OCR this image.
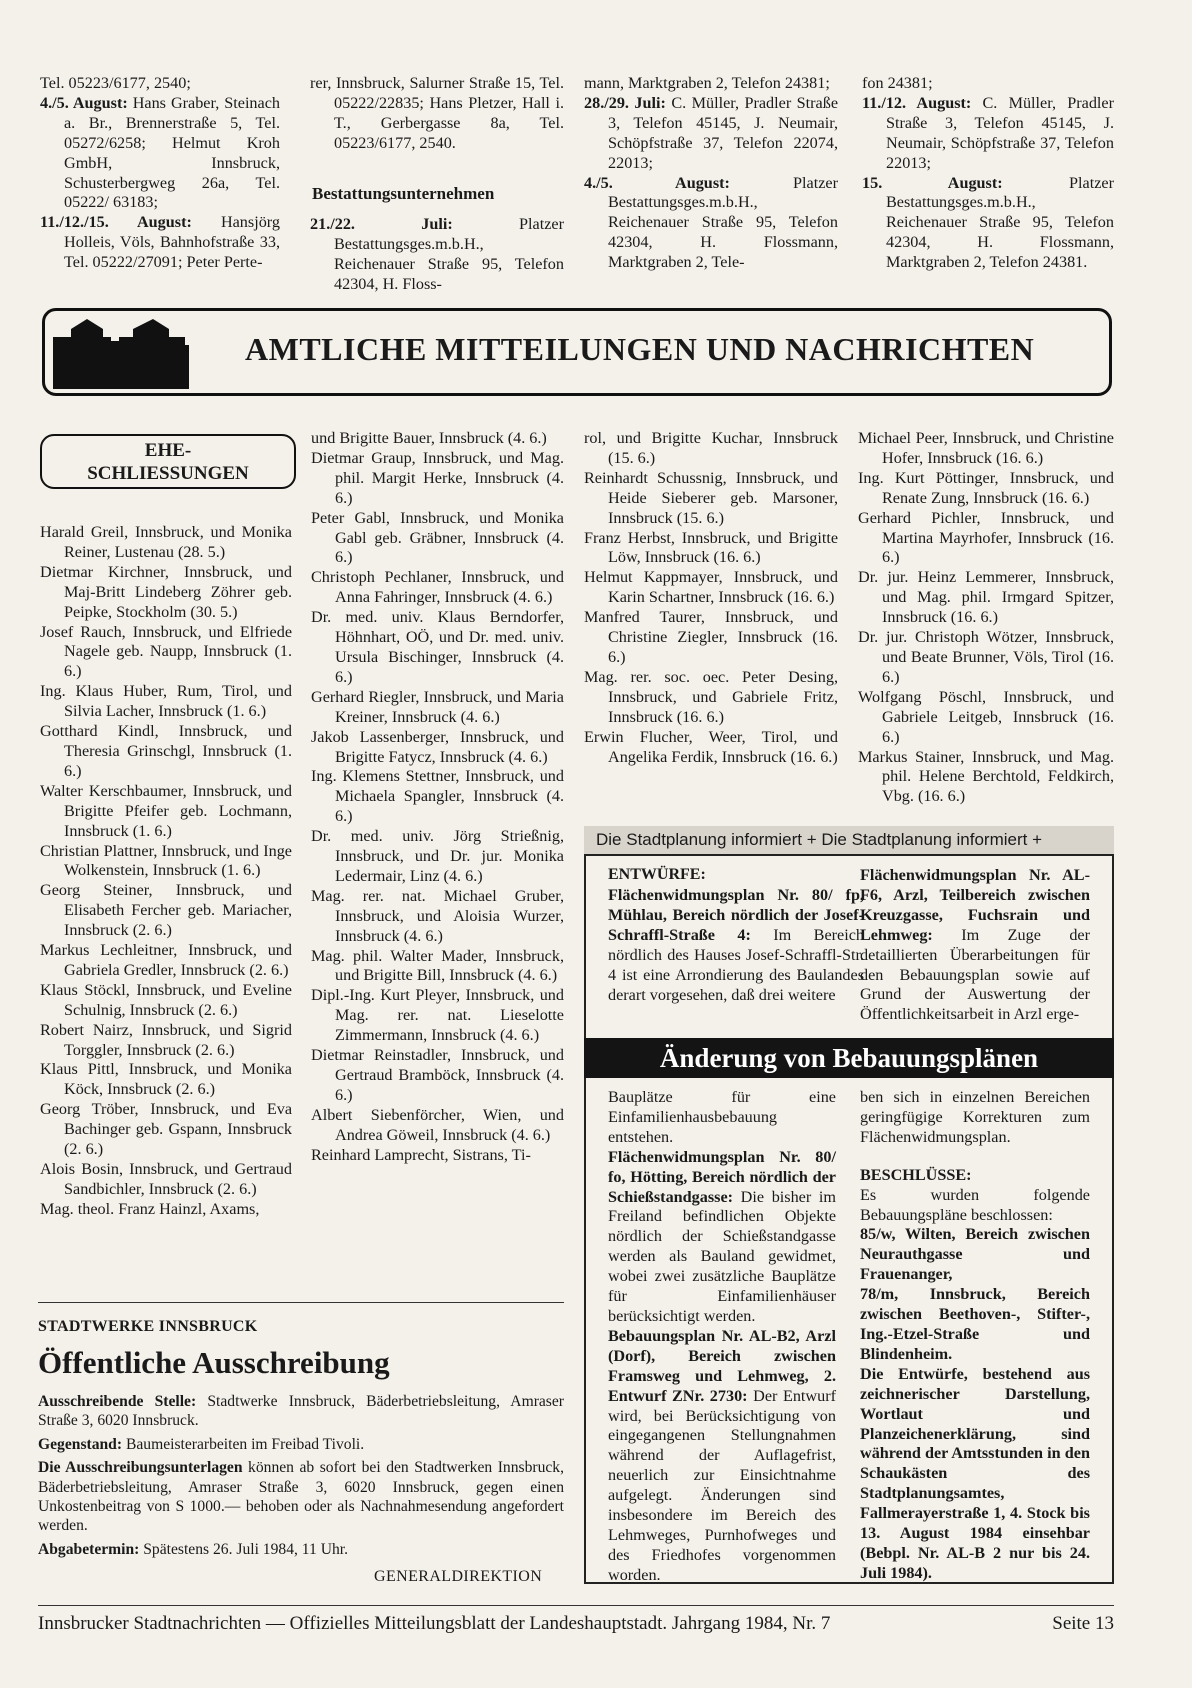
Tel. 05223/6177, 2540;

4./5. August: Hans Graber, Steinach a. Br., Brennerstraße 5, Tel. 05272/6258; Helmut Kroh GmbH, Innsbruck, Schusterbergweg 26a, Tel. 05222/ 63183;

11./12./15. August: Hansjörg Holleis, Völs, Bahnhofstraße 33, Tel. 05222/27091; Peter Perte-

rer, Innsbruck, Salurner Straße 15, Tel. 05222/22835; Hans Pletzer, Hall i. T., Gerbergasse 8a, Tel. 05223/6177, 2540.

Bestattungsunternehmen

21./22. Juli: Platzer Bestattungsges.m.b.H., Reichenauer Straße 95, Telefon 42304, H. Floss-

mann, Marktgraben 2, Telefon 24381;

28./29. Juli: C. Müller, Pradler Straße 3, Telefon 45145, J. Neumair, Schöpfstraße 37, Telefon 22074, 22013;

4./5. August: Platzer Bestattungsges.m.b.H., Reichenauer Straße 95, Telefon 42304, H. Flossmann, Marktgraben 2, Tele-

fon 24381;

11./12. August: C. Müller, Pradler Straße 3, Telefon 45145, J. Neumair, Schöpfstraße 37, Telefon 22013;

15. August: Platzer Bestattungsges.m.b.H., Reichenauer Straße 95, Telefon 42304, H. Flossmann, Marktgraben 2, Telefon 24381.

AMTLICHE MITTEILUNGEN UND NACHRICHTEN
EHE-
SCHLIESSUNGEN

Harald Greil, Innsbruck, und Monika Reiner, Lustenau (28. 5.)

Dietmar Kirchner, Innsbruck, und Maj-Britt Lindeberg Zöhrer geb. Peipke, Stockholm (30. 5.)

Josef Rauch, Innsbruck, und Elfriede Nagele geb. Naupp, Innsbruck (1. 6.)

Ing. Klaus Huber, Rum, Tirol, und Silvia Lacher, Innsbruck (1. 6.)

Gotthard Kindl, Innsbruck, und Theresia Grinschgl, Innsbruck (1. 6.)

Walter Kerschbaumer, Innsbruck, und Brigitte Pfeifer geb. Lochmann, Innsbruck (1. 6.)

Christian Plattner, Innsbruck, und Inge Wolkenstein, Innsbruck (1. 6.)

Georg Steiner, Innsbruck, und Elisabeth Fercher geb. Mariacher, Innsbruck (2. 6.)

Markus Lechleitner, Innsbruck, und Gabriela Gredler, Innsbruck (2. 6.)

Klaus Stöckl, Innsbruck, und Eveline Schulnig, Innsbruck (2. 6.)

Robert Nairz, Innsbruck, und Sigrid Torggler, Innsbruck (2. 6.)

Klaus Pittl, Innsbruck, und Monika Köck, Innsbruck (2. 6.)

Georg Tröber, Innsbruck, und Eva Bachinger geb. Gspann, Innsbruck (2. 6.)

Alois Bosin, Innsbruck, und Gertraud Sandbichler, Innsbruck (2. 6.)

Mag. theol. Franz Hainzl, Axams,

und Brigitte Bauer, Innsbruck (4. 6.)

Dietmar Graup, Innsbruck, und Mag. phil. Margit Herke, Innsbruck (4. 6.)

Peter Gabl, Innsbruck, und Monika Gabl geb. Gräbner, Innsbruck (4. 6.)

Christoph Pechlaner, Innsbruck, und Anna Fahringer, Innsbruck (4. 6.)

Dr. med. univ. Klaus Berndorfer, Höhnhart, OÖ, und Dr. med. univ. Ursula Bischinger, Innsbruck (4. 6.)

Gerhard Riegler, Innsbruck, und Maria Kreiner, Innsbruck (4. 6.)

Jakob Lassenberger, Innsbruck, und Brigitte Fatycz, Innsbruck (4. 6.)

Ing. Klemens Stettner, Innsbruck, und Michaela Spangler, Innsbruck (4. 6.)

Dr. med. univ. Jörg Strießnig, Innsbruck, und Dr. jur. Monika Ledermair, Linz (4. 6.)

Mag. rer. nat. Michael Gruber, Innsbruck, und Aloisia Wurzer, Innsbruck (4. 6.)

Mag. phil. Walter Mader, Innsbruck, und Brigitte Bill, Innsbruck (4. 6.)

Dipl.-Ing. Kurt Pleyer, Innsbruck, und Mag. rer. nat. Lieselotte Zimmermann, Innsbruck (4. 6.)

Dietmar Reinstadler, Innsbruck, und Gertraud Bramböck, Innsbruck (4. 6.)

Albert Siebenförcher, Wien, und Andrea Göweil, Innsbruck (4. 6.)

Reinhard Lamprecht, Sistrans, Ti-

rol, und Brigitte Kuchar, Innsbruck (15. 6.)

Reinhardt Schussnig, Innsbruck, und Heide Sieberer geb. Marsoner, Innsbruck (15. 6.)

Franz Herbst, Innsbruck, und Brigitte Löw, Innsbruck (16. 6.)

Helmut Kappmayer, Innsbruck, und Karin Schartner, Innsbruck (16. 6.)

Manfred Taurer, Innsbruck, und Christine Ziegler, Innsbruck (16. 6.)

Mag. rer. soc. oec. Peter Desing, Innsbruck, und Gabriele Fritz, Innsbruck (16. 6.)

Erwin Flucher, Weer, Tirol, und Angelika Ferdik, Innsbruck (16. 6.)

Michael Peer, Innsbruck, und Christine Hofer, Innsbruck (16. 6.)

Ing. Kurt Pöttinger, Innsbruck, und Renate Zung, Innsbruck (16. 6.)

Gerhard Pichler, Innsbruck, und Martina Mayrhofer, Innsbruck (16. 6.)

Dr. jur. Heinz Lemmerer, Innsbruck, und Mag. phil. Irmgard Spitzer, Innsbruck (16. 6.)

Dr. jur. Christoph Wötzer, Innsbruck, und Beate Brunner, Völs, Tirol (16. 6.)

Wolfgang Pöschl, Innsbruck, und Gabriele Leitgeb, Innsbruck (16. 6.)

Markus Stainer, Innsbruck, und Mag. phil. Helene Berchtold, Feldkirch, Vbg. (16. 6.)

STADTWERKE INNSBRUCK
Öffentliche Ausschreibung

Ausschreibende Stelle: Stadtwerke Innsbruck, Bäderbetriebsleitung, Amraser Straße 3, 6020 Innsbruck.

Gegenstand: Baumeisterarbeiten im Freibad Tivoli.

Die Ausschreibungsunterlagen können ab sofort bei den Stadtwerken Innsbruck, Bäderbetriebsleitung, Amraser Straße 3, 6020 Innsbruck, gegen einen Unkostenbeitrag von S 1000.— behoben oder als Nachnahmesendung angefordert werden.

Abgabetermin: Spätestens 26. Juli 1984, 11 Uhr.

GENERALDIREKTION
Die Stadtplanung informiert + Die Stadtplanung informiert +
ENTWÜRFE:

Flächenwidmungsplan Nr. 80/ fp, Mühlau, Bereich nördlich der Josef-Schraffl-Straße 4: Im Bereich nördlich des Hauses Josef-Schraffl-Str. 4 ist eine Arrondierung des Baulandes derart vorgesehen, daß drei weitere

Flächenwidmungsplan Nr. AL-F6, Arzl, Teilbereich zwischen Kreuzgasse, Fuchsrain und Lehmweg: Im Zuge der detaillierten Überarbeitungen für den Bebauungsplan sowie auf Grund der Auswertung der Öffentlichkeitsarbeit in Arzl erge-

Änderung von Bebauungsplänen

Bauplätze für eine Einfamilienhausbebauung entstehen.

Flächenwidmungsplan Nr. 80/ fo, Hötting, Bereich nördlich der Schießstandgasse: Die bisher im Freiland befindlichen Objekte nördlich der Schießstandgasse werden als Bauland gewidmet, wobei zwei zusätzliche Bauplätze für Einfamilienhäuser berücksichtigt werden.

Bebauungsplan Nr. AL-B2, Arzl (Dorf), Bereich zwischen Framsweg und Lehmweg, 2. Entwurf ZNr. 2730: Der Entwurf wird, bei Berücksichtigung von eingegangenen Stellungnahmen während der Auflagefrist, neuerlich zur Einsichtnahme aufgelegt. Änderungen sind insbesondere im Bereich des Lehmweges, Purnhofweges und des Friedhofes vorgenommen worden.

ben sich in einzelnen Bereichen geringfügige Korrekturen zum Flächenwidmungsplan.

BESCHLÜSSE:

Es wurden folgende Bebauungspläne beschlossen:

85/w, Wilten, Bereich zwischen Neurauthgasse und Frauenanger,

78/m, Innsbruck, Bereich zwischen Beethoven-, Stifter-, Ing.-Etzel-Straße und Blindenheim.

Die Entwürfe, bestehend aus zeichnerischer Darstellung, Wortlaut und Planzeichenerklärung, sind während der Amtsstunden in den Schaukästen des Stadtplanungsamtes, Fallmerayerstraße 1, 4. Stock bis 13. August 1984 einsehbar (Bebpl. Nr. AL-B 2 nur bis 24. Juli 1984).

Innsbrucker Stadtnachrichten — Offizielles Mitteilungsblatt der Landeshauptstadt. Jahrgang 1984, Nr. 7	Seite 13
